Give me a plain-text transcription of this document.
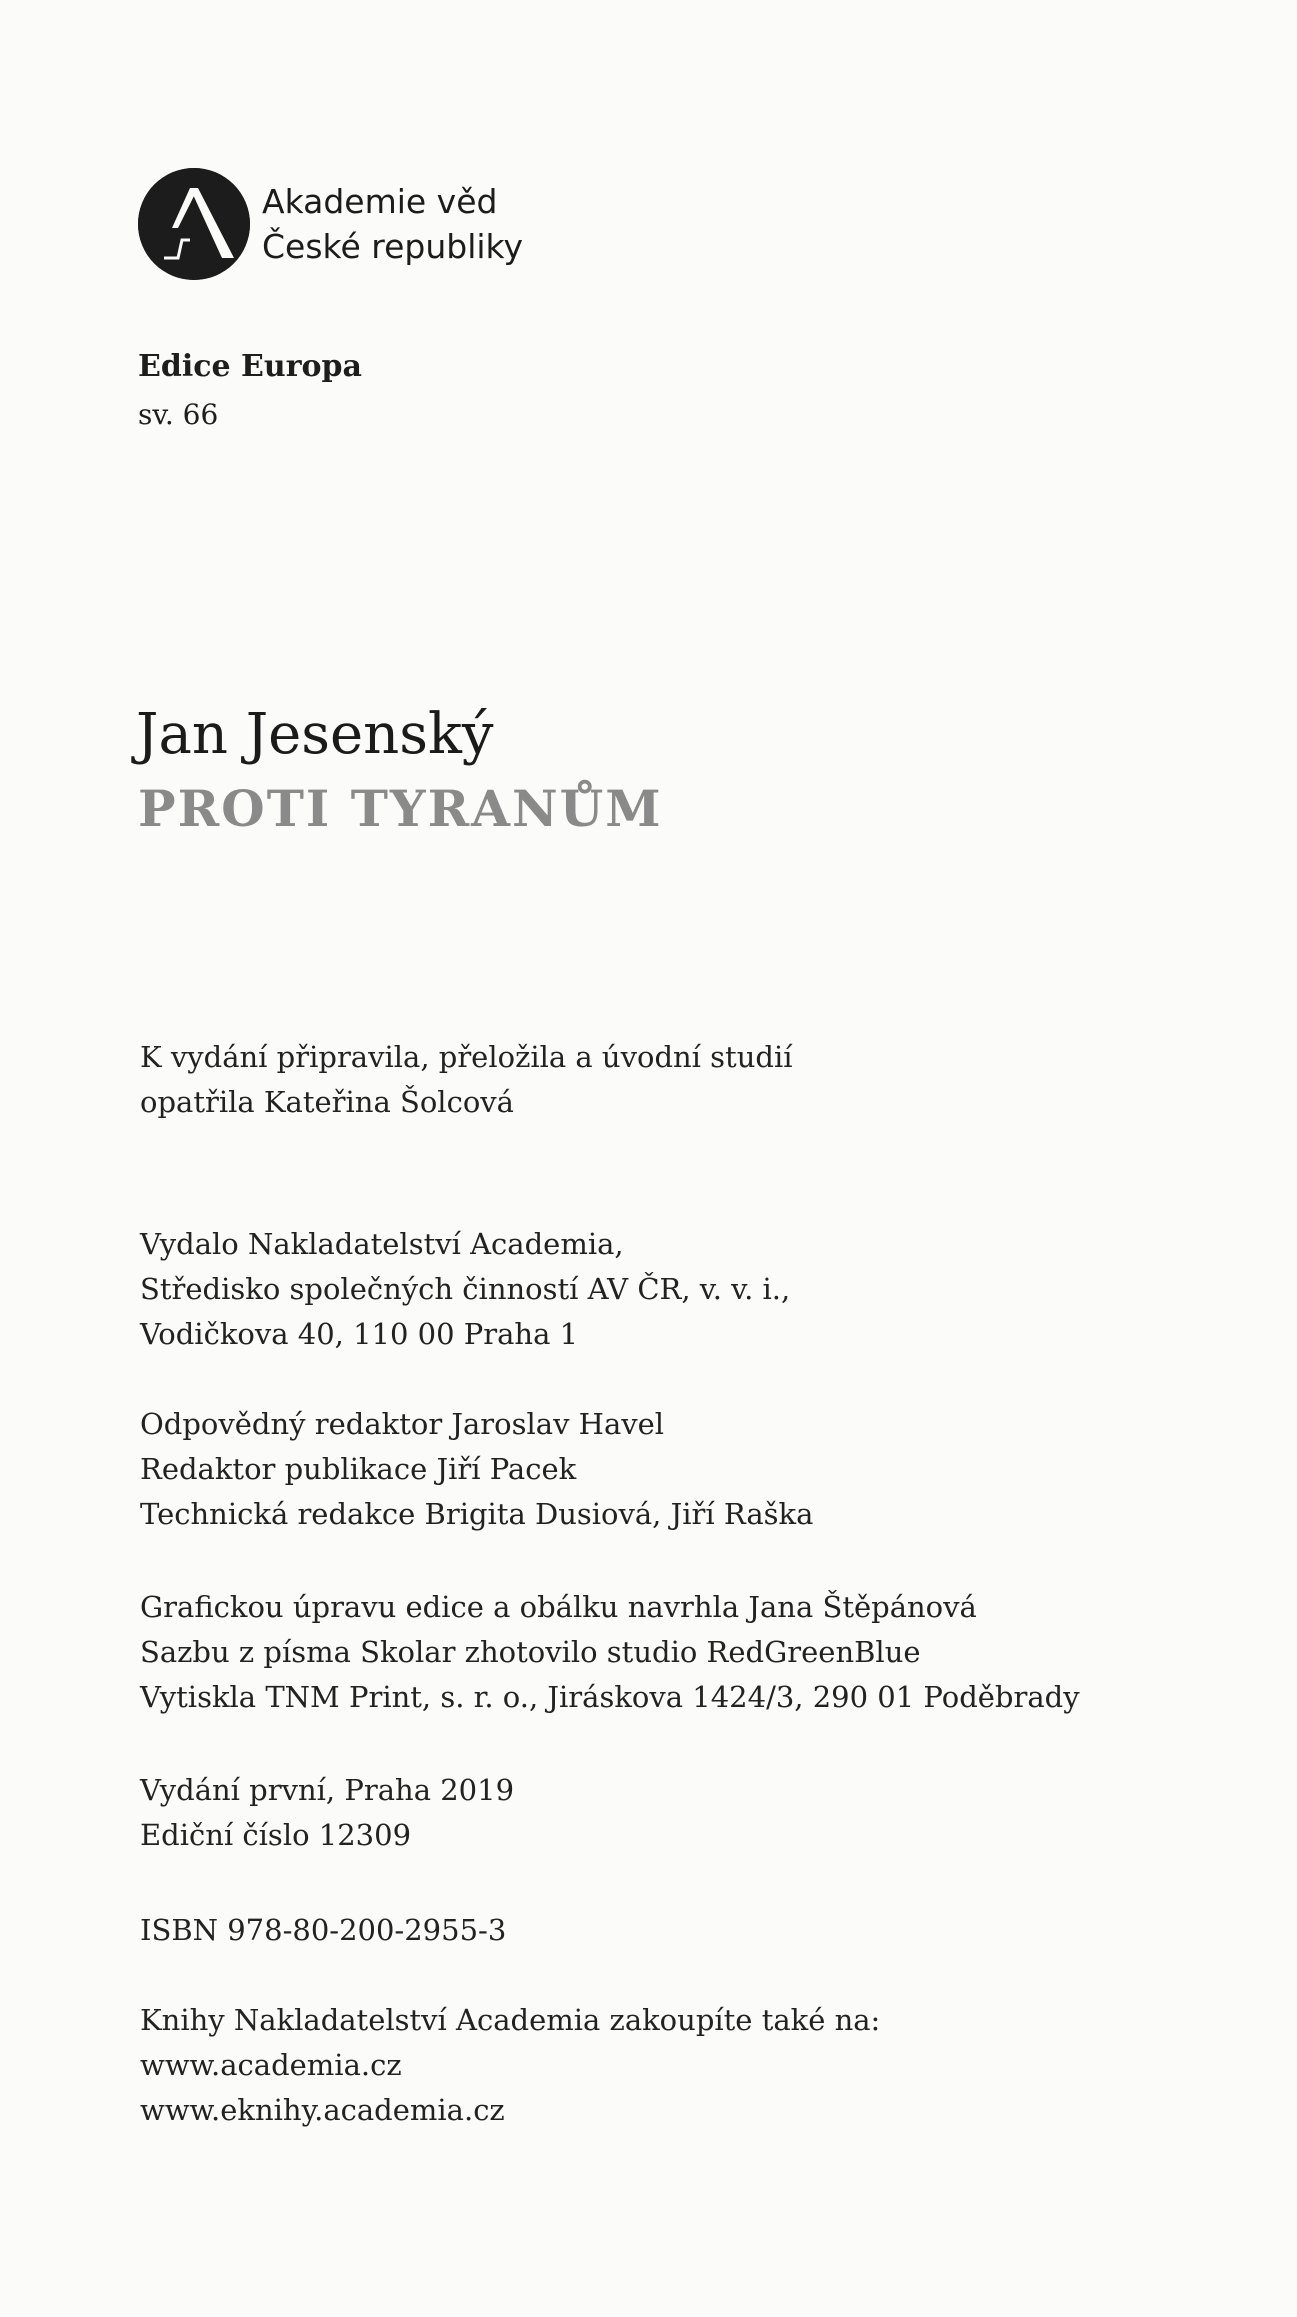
Akademie věd
České republiky
Edice Europa
sv. 66
Jan Jesenský
PROTI TYRANŮM
K vydání připravila, přeložila a úvodní studií
opatřila Kateřina Šolcová
Vydalo Nakladatelství Academia,
Středisko společných činností AV ČR, v. v. i.,
Vodičkova 40, 110 00 Praha 1
Odpovědný redaktor Jaroslav Havel
Redaktor publikace Jiří Pacek
Technická redakce Brigita Dusiová, Jiří Raška
Grafickou úpravu edice a obálku navrhla Jana Štěpánová
Sazbu z písma Skolar zhotovilo studio RedGreenBlue
Vytiskla TNM Print, s. r. o., Jiráskova 1424/3, 290 01 Poděbrady
Vydání první, Praha 2019
Ediční číslo 12309
ISBN 978-80-200-2955-3
Knihy Nakladatelství Academia zakoupíte také na:
www.academia.cz
www.eknihy.academia.cz
